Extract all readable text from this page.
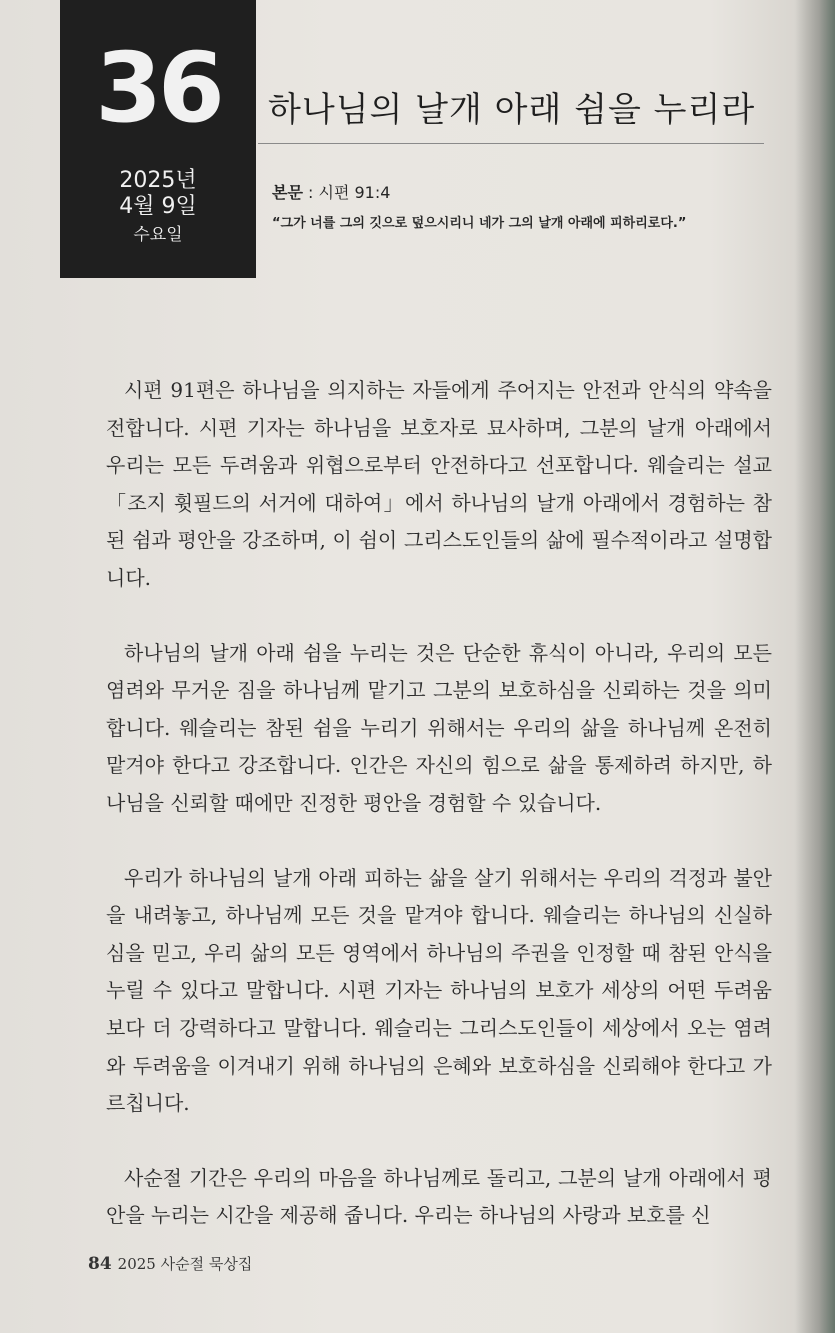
36
2025년
4월 9일
수요일
하나님의 날개 아래 쉼을 누리라
본문 : 시편 91:4
“그가 너를 그의 깃으로 덮으시리니 네가 그의 날개 아래에 피하리로다.”

시편 91편은 하나님을 의지하는 자들에게 주어지는 안전과 안식의 약속을 전합니다. 시편 기자는 하나님을 보호자로 묘사하며, 그분의 날개 아래에서 우리는 모든 두려움과 위협으로부터 안전하다고 선포합니다. 웨슬리는 설교「조지 휫필드의 서거에 대하여」에서 하나님의 날개 아래에서 경험하는 참된 쉼과 평안을 강조하며, 이 쉼이 그리스도인들의 삶에 필수적이라고 설명합니다.

하나님의 날개 아래 쉼을 누리는 것은 단순한 휴식이 아니라, 우리의 모든 염려와 무거운 짐을 하나님께 맡기고 그분의 보호하심을 신뢰하는 것을 의미합니다. 웨슬리는 참된 쉼을 누리기 위해서는 우리의 삶을 하나님께 온전히 맡겨야 한다고 강조합니다. 인간은 자신의 힘으로 삶을 통제하려 하지만, 하나님을 신뢰할 때에만 진정한 평안을 경험할 수 있습니다.

우리가 하나님의 날개 아래 피하는 삶을 살기 위해서는 우리의 걱정과 불안을 내려놓고, 하나님께 모든 것을 맡겨야 합니다. 웨슬리는 하나님의 신실하심을 믿고, 우리 삶의 모든 영역에서 하나님의 주권을 인정할 때 참된 안식을 누릴 수 있다고 말합니다. 시편 기자는 하나님의 보호가 세상의 어떤 두려움보다 더 강력하다고 말합니다. 웨슬리는 그리스도인들이 세상에서 오는 염려와 두려움을 이겨내기 위해 하나님의 은혜와 보호하심을 신뢰해야 한다고 가르칩니다.

사순절 기간은 우리의 마음을 하나님께로 돌리고, 그분의 날개 아래에서 평안을 누리는 시간을 제공해 줍니다. 우리는 하나님의 사랑과 보호를 신

84 2025 사순절 묵상집
